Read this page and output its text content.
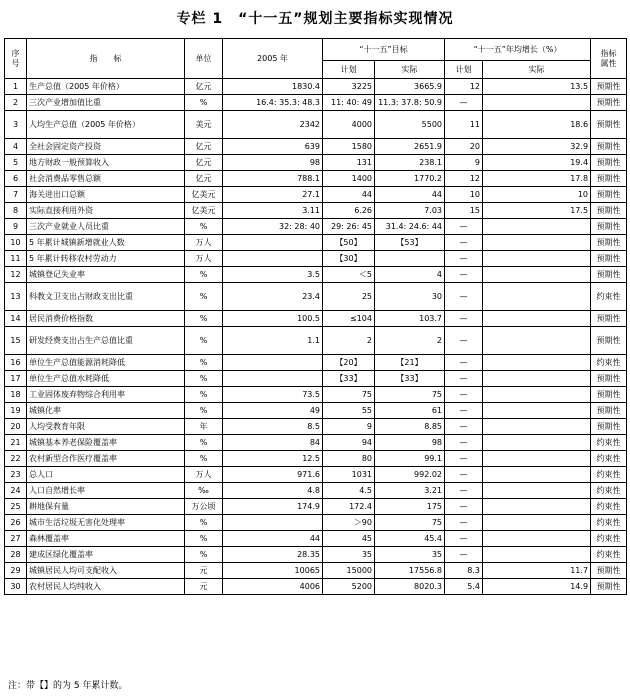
专栏 1　“十一五”规划主要指标实现情况
序
号	指　　标	单位	2005 年	“十一五”目标		“十一五”年均增长（%）		指标
属性
				计划	实际	计划	实际	
1	生产总值（2005 年价格）	亿元	1830.4	3225	3665.9	12	13.5	预期性
2	三次产业增加值比重	%	16.4: 35.3: 48.3	11: 40: 49	11.3: 37.8: 50.9	—		预期性
3	人均生产总值（2005 年价格）	美元	2342	4000	5500	11	18.6	预期性
4	全社会固定资产投资	亿元	639	1580	2651.9	20	32.9	预期性
5	地方财政一般预算收入	亿元	98	131	238.1	9	19.4	预期性
6	社会消费品零售总额	亿元	788.1	1400	1770.2	12	17.8	预期性
7	海关进出口总额	亿美元	27.1	44	44	10	10	预期性
8	实际直接利用外资	亿美元	3.11	6.26	7.03	15	17.5	预期性
9	三次产业就业人员比重	%	32: 28: 40	29: 26: 45	31.4: 24.6: 44	—		预期性
10	5 年累计城镇新增就业人数	万人		【50】	【53】	—		预期性
11	5 年累计转移农村劳动力	万人		【30】		—		预期性
12	城镇登记失业率	%	3.5	＜5	4	—		预期性
13	科教文卫支出占财政支出比重	%	23.4	25	30	—		约束性
14	居民消费价格指数	%	100.5	≤104	103.7	—		预期性
15	研发经费支出占生产总值比重	%	1.1	2	2	—		预期性
16	单位生产总值能源消耗降低	%		【20】	【21】	—		约束性
17	单位生产总值水耗降低	%		【33】	【33】	—		预期性
18	工业固体废弃物综合利用率	%	73.5	75	75	—		预期性
19	城镇化率	%	49	55	61	—		预期性
20	人均受教育年限	年	8.5	9	8.85	—		预期性
21	城镇基本养老保险覆盖率	%	84	94	98	—		约束性
22	农村新型合作医疗覆盖率	%	12.5	80	99.1	—		约束性
23	总人口	万人	971.6	1031	992.02	—		约束性
24	人口自然增长率	‰	4.8	4.5	3.21	—		约束性
25	耕地保有量	万公顷	174.9	172.4	175	—		约束性
26	城市生活垃圾无害化处理率	%		＞90	75	—		约束性
27	森林覆盖率	%	44	45	45.4	—		约束性
28	建成区绿化覆盖率	%	28.35	35	35	—		约束性
29	城镇居民人均可支配收入	元	10065	15000	17556.8	8.3	11.7	预期性
30	农村居民人均纯收入	元	4006	5200	8020.3	5.4	14.9	预期性
注：带【】的为 5 年累计数。
